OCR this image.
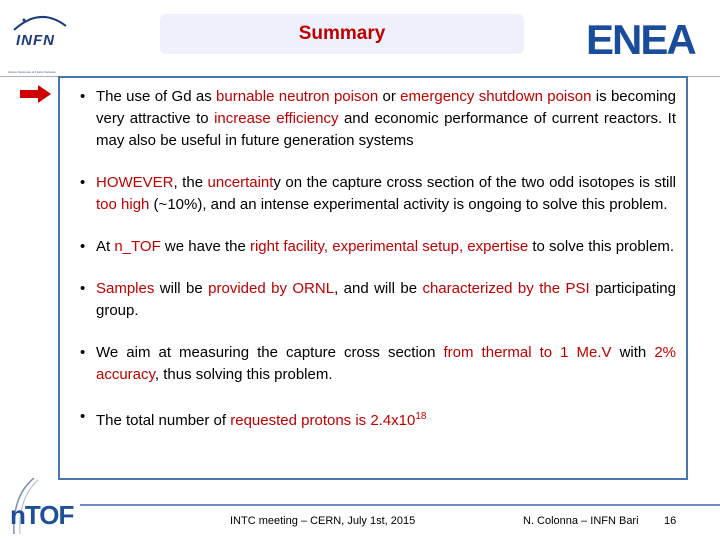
INFN
Istituto Nazionale di Fisica Nucleare
Summary	ENEA
• The use of Gd as burnable neutron poison or emergency shutdown poison is becoming very attractive to increase efficiency and economic performance of current reactors. It may also be useful in future generation systems
• HOWEVER, the uncertainty on the capture cross section of the two odd isotopes is still too high (~10%), and an intense experimental activity is ongoing to solve this problem.
• At n_TOF we have the right facility, experimental setup, expertise to solve this problem.
• Samples will be provided by ORNL, and will be characterized by the PSI participating group.
• We aim at measuring the capture cross section from thermal to 1 Me.V with 2% accuracy, thus solving this problem.
• The total number of requested protons is $2.4x10^{18}$
nTOF	INTC meeting – CERN, July 1st, 2015	N. Colonna – INFN Bari 16
